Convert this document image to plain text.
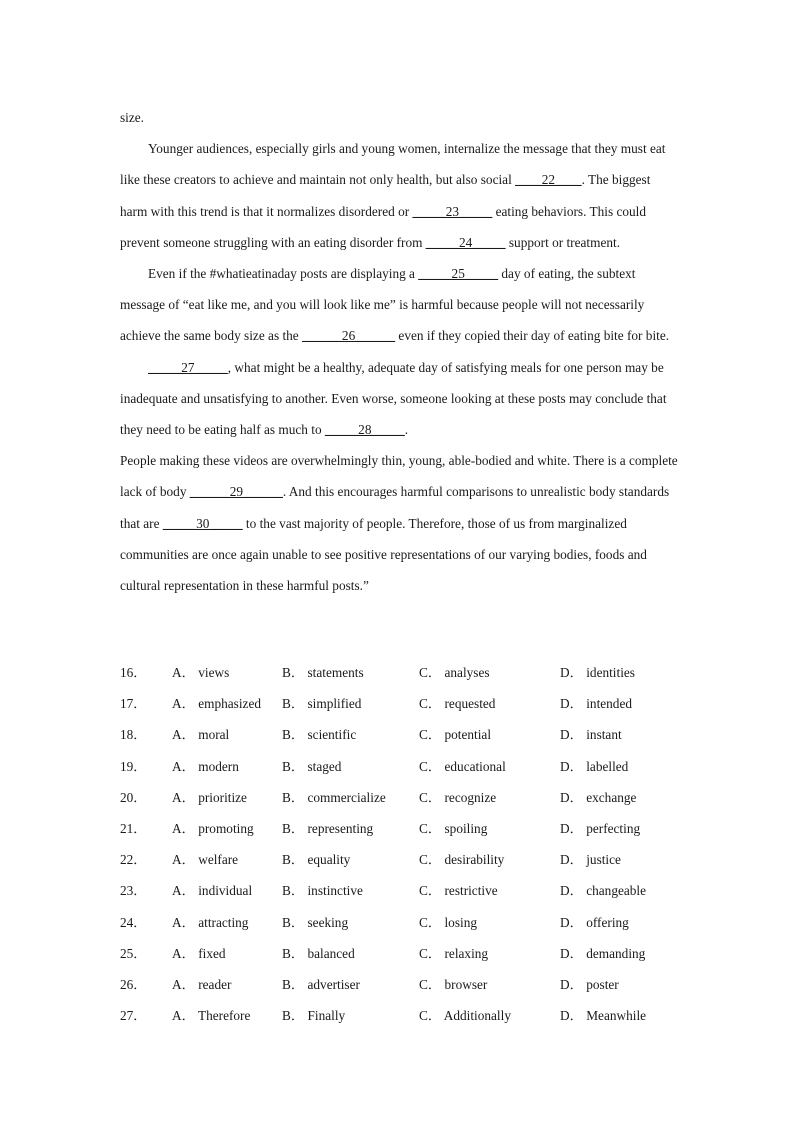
size.

Younger audiences, especially girls and young women, internalize the message that they must eat like these creators to achieve and maintain not only health, but also social ____22____. The biggest harm with this trend is that it normalizes disordered or _____23_____ eating behaviors. This could prevent someone struggling with an eating disorder from _____24_____ support or treatment.

Even if the #whatieatinaday posts are displaying a _____25_____ day of eating, the subtext message of “eat like me, and you will look like me” is harmful because people will not necessarily achieve the same body size as the ______26______ even if they copied their day of eating bite for bite.

_____27_____, what might be a healthy, adequate day of satisfying meals for one person may be inadequate and unsatisfying to another. Even worse, someone looking at these posts may conclude that they need to be eating half as much to _____28_____.

People making these videos are overwhelmingly thin, young, able-bodied and white. There is a complete lack of body ______29______. And this encourages harmful comparisons to unrealistic body standards that are _____30_____ to the vast majority of people. Therefore, those of us from marginalized communities are once again unable to see positive representations of our varying bodies, foods and cultural representation in these harmful posts.”

16． A． views	B． statements	C． analyses	D． identities
17． A． emphasized B． simplified	C． requested	D． intended
18． A． moral	B． scientific	C． potential	D． instant
19． A． modern	B． staged	C． educational	D． labelled
20． A． prioritize	B． commercialize	C． recognize	D． exchange
21． A． promoting B． representing	C． spoiling	D． perfecting
22． A． welfare	B． equality	C． desirability	D． justice
23． A． individual B． instinctive	C． restrictive	D． changeable
24． A． attracting	B． seeking	C． losing	D． offering
25． A． fixed	B． balanced	C． relaxing	D． demanding
26． A． reader	B． advertiser	C． browser	D． poster
27． A． Therefore B． Finally	C． Additionally	D． Meanwhile
